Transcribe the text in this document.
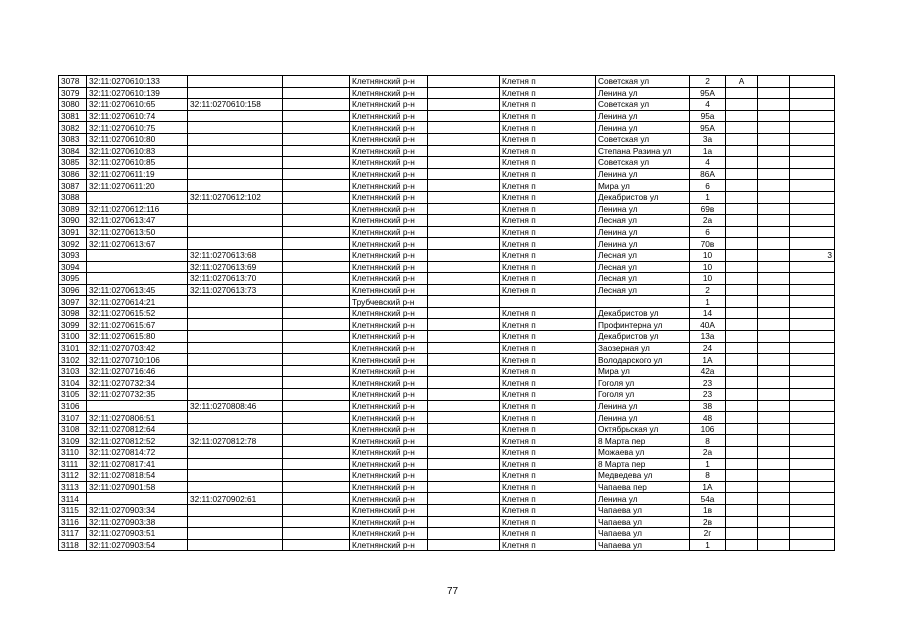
3078	32:11:0270610:133			Клетнянский р-н		Клетня п	Советская ул	2	А		
3079	32:11:0270610:139			Клетнянский р-н		Клетня п	Ленина ул	95А			
3080	32:11:0270610:65	32:11:0270610:158		Клетнянский р-н		Клетня п	Советская ул	4			
3081	32:11:0270610:74			Клетнянский р-н		Клетня п	Ленина ул	95а			
3082	32:11:0270610:75			Клетнянский р-н		Клетня п	Ленина ул	95А			
3083	32:11:0270610:80			Клетнянский р-н		Клетня п	Советская ул	3а			
3084	32:11:0270610:83			Клетнянский р-н		Клетня п	Степана Разина ул	1а			
3085	32:11:0270610:85			Клетнянский р-н		Клетня п	Советская ул	4			
3086	32:11:0270611:19			Клетнянский р-н		Клетня п	Ленина ул	86А			
3087	32:11:0270611:20			Клетнянский р-н		Клетня п	Мира ул	6			
3088		32:11:0270612:102		Клетнянский р-н		Клетня п	Декабристов ул	1			
3089	32:11:0270612:116			Клетнянский р-н		Клетня п	Ленина ул	69в			
3090	32:11:0270613:47			Клетнянский р-н		Клетня п	Лесная ул	2а			
3091	32:11:0270613:50			Клетнянский р-н		Клетня п	Ленина ул	6			
3092	32:11:0270613:67			Клетнянский р-н		Клетня п	Ленина ул	70в			
3093		32:11:0270613:68		Клетнянский р-н		Клетня п	Лесная ул	10			3
3094		32:11:0270613:69		Клетнянский р-н		Клетня п	Лесная ул	10			
3095		32:11:0270613:70		Клетнянский р-н		Клетня п	Лесная ул	10			
3096	32:11:0270613:45	32:11:0270613:73		Клетнянский р-н		Клетня п	Лесная ул	2			
3097	32:11:0270614:21			Трубчевский р-н				1			
3098	32:11:0270615:52			Клетнянский р-н		Клетня п	Декабристов ул	14			
3099	32:11:0270615:67			Клетнянский р-н		Клетня п	Профинтерна ул	40А			
3100	32:11:0270615:80			Клетнянский р-н		Клетня п	Декабристов ул	13а			
3101	32:11:0270703:42			Клетнянский р-н		Клетня п	Заозерная ул	24			
3102	32:11:0270710:106			Клетнянский р-н		Клетня п	Володарского ул	1А			
3103	32:11:0270716:46			Клетнянский р-н		Клетня п	Мира ул	42а			
3104	32:11:0270732:34			Клетнянский р-н		Клетня п	Гоголя ул	23			
3105	32:11:0270732:35			Клетнянский р-н		Клетня п	Гоголя ул	23			
3106		32:11:0270808:46		Клетнянский р-н		Клетня п	Ленина ул	38			
3107	32:11:0270806:51			Клетнянский р-н		Клетня п	Ленина ул	48			
3108	32:11:0270812:64			Клетнянский р-н		Клетня п	Октябрьская ул	106			
3109	32:11:0270812:52	32:11:0270812:78		Клетнянский р-н		Клетня п	8 Марта пер	8			
3110	32:11:0270814:72			Клетнянский р-н		Клетня п	Можаева ул	2а			
3111	32:11:0270817:41			Клетнянский р-н		Клетня п	8 Марта пер	1			
3112	32:11:0270818:54			Клетнянский р-н		Клетня п	Медведева ул	8			
3113	32:11:0270901:58			Клетнянский р-н		Клетня п	Чапаева пер	1А			
3114		32:11:0270902:61		Клетнянский р-н		Клетня п	Ленина ул	54а			
3115	32:11:0270903:34			Клетнянский р-н		Клетня п	Чапаева ул	1в			
3116	32:11:0270903:38			Клетнянский р-н		Клетня п	Чапаева ул	2в			
3117	32:11:0270903:51			Клетнянский р-н		Клетня п	Чапаева ул	2г			
3118	32:11:0270903:54			Клетнянский р-н		Клетня п	Чапаева ул	1			
77
